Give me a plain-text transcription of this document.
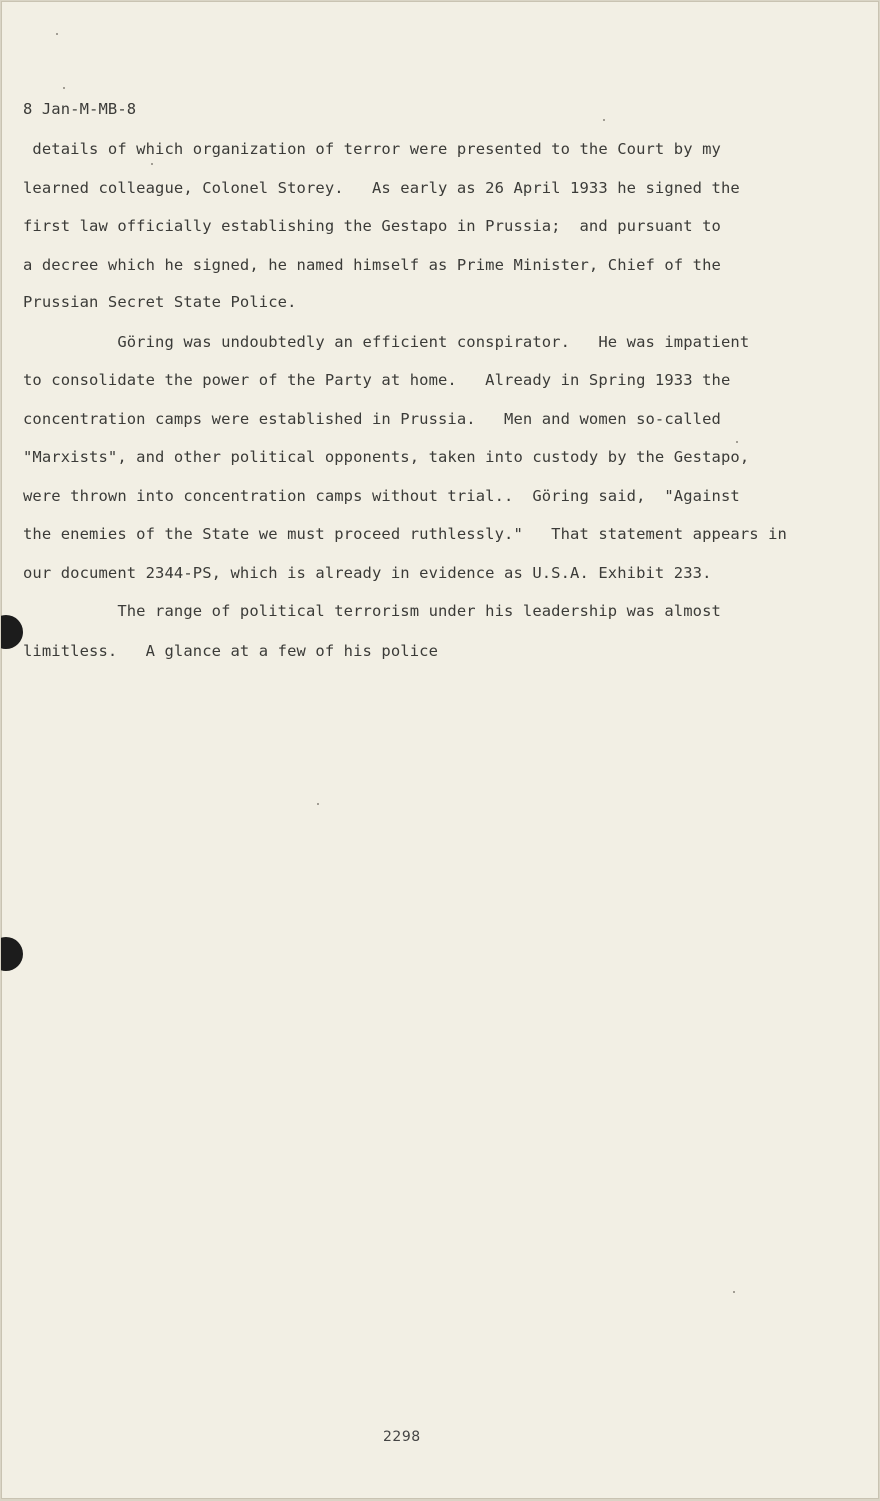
8 Jan-M-MB-8
details of which organization of terror were presented to the Court by my
learned colleague, Colonel Storey.   As early as 26 April 1933 he signed the
first law officially establishing the Gestapo in Prussia;  and pursuant to
a decree which he signed, he named himself as Prime Minister, Chief of the
Prussian Secret State Police.
Göring was undoubtedly an efficient conspirator.   He was impatient
to consolidate the power of the Party at home.   Already in Spring 1933 the
concentration camps were established in Prussia.   Men and women so-called
"Marxists", and other political opponents, taken into custody by the Gestapo,
were thrown into concentration camps without trial..  Göring said,  "Against
the enemies of the State we must proceed ruthlessly."   That statement appears in
our document 2344-PS, which is already in evidence as U.S.A. Exhibit 233.
The range of political terrorism under his leadership was almost
limitless.   A glance at a few of his police
2298
